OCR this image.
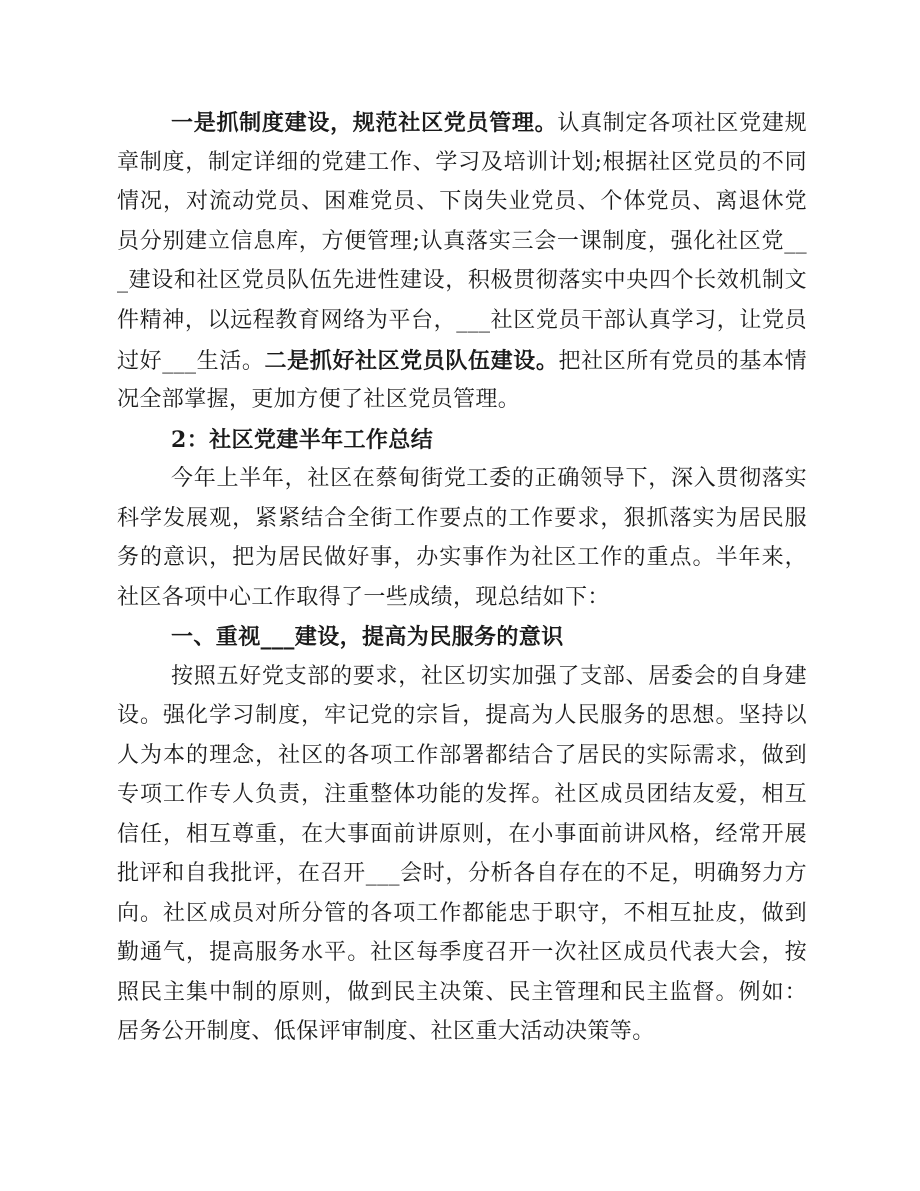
一是抓制度建设，规范社区党员管理。认真制定各项社区党建规
章制度，制定详细的党建工作、学习及培训计划;根据社区党员的不同
情况，对流动党员、困难党员、下岗失业党员、个体党员、离退休党
员分别建立信息库，方便管理;认真落实三会一课制度，强化社区党__
_建设和社区党员队伍先进性建设，积极贯彻落实中央四个长效机制文
件精神，以远程教育网络为平台，___社区党员干部认真学习，让党员
过好___生活。二是抓好社区党员队伍建设。把社区所有党员的基本情
况全部掌握，更加方便了社区党员管理。
2：社区党建半年工作总结
今年上半年，社区在蔡甸街党工委的正确领导下，深入贯彻落实
科学发展观，紧紧结合全街工作要点的工作要求，狠抓落实为居民服
务的意识，把为居民做好事，办实事作为社区工作的重点。半年来，
社区各项中心工作取得了一些成绩，现总结如下：
一、重视___建设，提高为民服务的意识
按照五好党支部的要求，社区切实加强了支部、居委会的自身建
设。强化学习制度，牢记党的宗旨，提高为人民服务的思想。坚持以
人为本的理念，社区的各项工作部署都结合了居民的实际需求，做到
专项工作专人负责，注重整体功能的发挥。社区成员团结友爱，相互
信任，相互尊重，在大事面前讲原则，在小事面前讲风格，经常开展
批评和自我批评，在召开___会时，分析各自存在的不足，明确努力方
向。社区成员对所分管的各项工作都能忠于职守，不相互扯皮，做到
勤通气，提高服务水平。社区每季度召开一次社区成员代表大会，按
照民主集中制的原则，做到民主决策、民主管理和民主监督。例如：
居务公开制度、低保评审制度、社区重大活动决策等。
